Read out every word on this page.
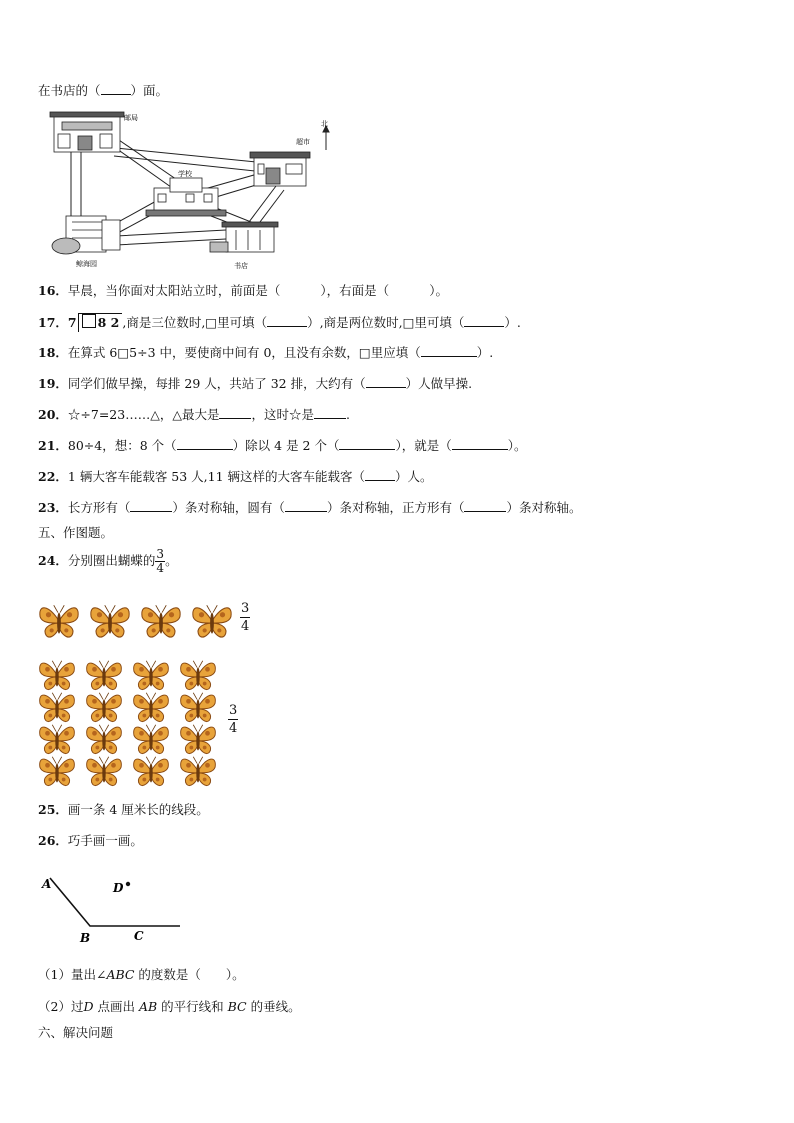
在书店的（ ）面。
邮局
超市
北
学校
鲸海园	书店
16．早晨，当你面对太阳站立时，前面是（	），右面是（	）。
17．7 8 2 ,商是三位数时,□里可填（	）,商是两位数时,□里可填（	）.
18．在算式 6□5÷3 中，要使商中间有 0，且没有余数，□里应填（	）.
19．同学们做早操，每排 29 人，共站了 32 排，大约有（	）人做早操.
20．☆÷7=23……△，△最大是	，这时☆是	.
21．80÷4，想：8 个（	）除以 4 是 2 个（	），就是（	）。
22．1 辆大客车能载客 53 人,11 辆这样的大客车能载客（ ）人。
23．长方形有（	）条对称轴，圆有（	）条对称轴，正方形有（	）条对称轴。
五、作图题。
24．分别圈出蝴蝶的 $\frac{3}{4}$ 。
$\frac{3}{4}$
$\frac{3}{4}$
25．画一条 4 厘米长的线段。
26．巧手画一画。
A
B	C
D
（1）量出∠ABC 的度数是（　　）。
（2）过D 点画出 AB 的平行线和 BC 的垂线。
六、解决问题
